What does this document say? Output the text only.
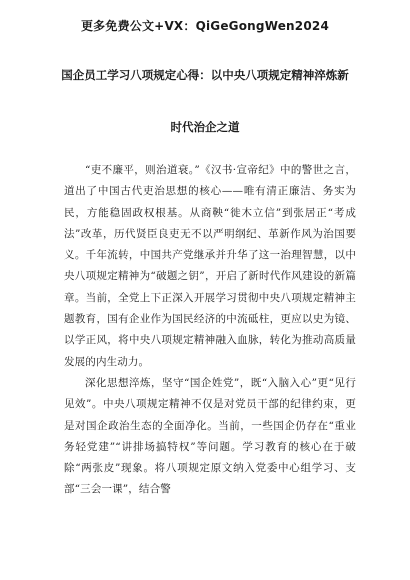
更多免费公文+VX：QiGeGongWen2024
国企员工学习八项规定心得：以中央八项规定精神淬炼新
时代治企之道

“吏不廉平，则治道衰。”《汉书·宣帝纪》中的警世之言，道出了中国古代吏治思想的核心——唯有清正廉洁、务实为民，方能稳固政权根基。从商鞅“徙木立信”到张居正“考成法”改革，历代贤臣良吏无不以严明纲纪、革新作风为治国要义。千年流转，中国共产党继承并升华了这一治理智慧，以中央八项规定精神为“破题之钥”，开启了新时代作风建设的新篇章。当前，全党上下正深入开展学习贯彻中央八项规定精神主题教育，国有企业作为国民经济的中流砥柱，更应以史为镜、以学正风，将中央八项规定精神融入血脉，转化为推动高质量发展的内生动力。

深化思想淬炼，坚守“国企姓党”，既“入脑入心”更“见行见效”。中央八项规定精神不仅是对党员干部的纪律约束，更是对国企政治生态的全面净化。当前，一些国企仍存在“重业务轻党建”“讲排场搞特权”等问题。学习教育的核心在于破除“两张皮”现象。将八项规定原文纳入党委中心组学习、支部“三会一课”，结合警
